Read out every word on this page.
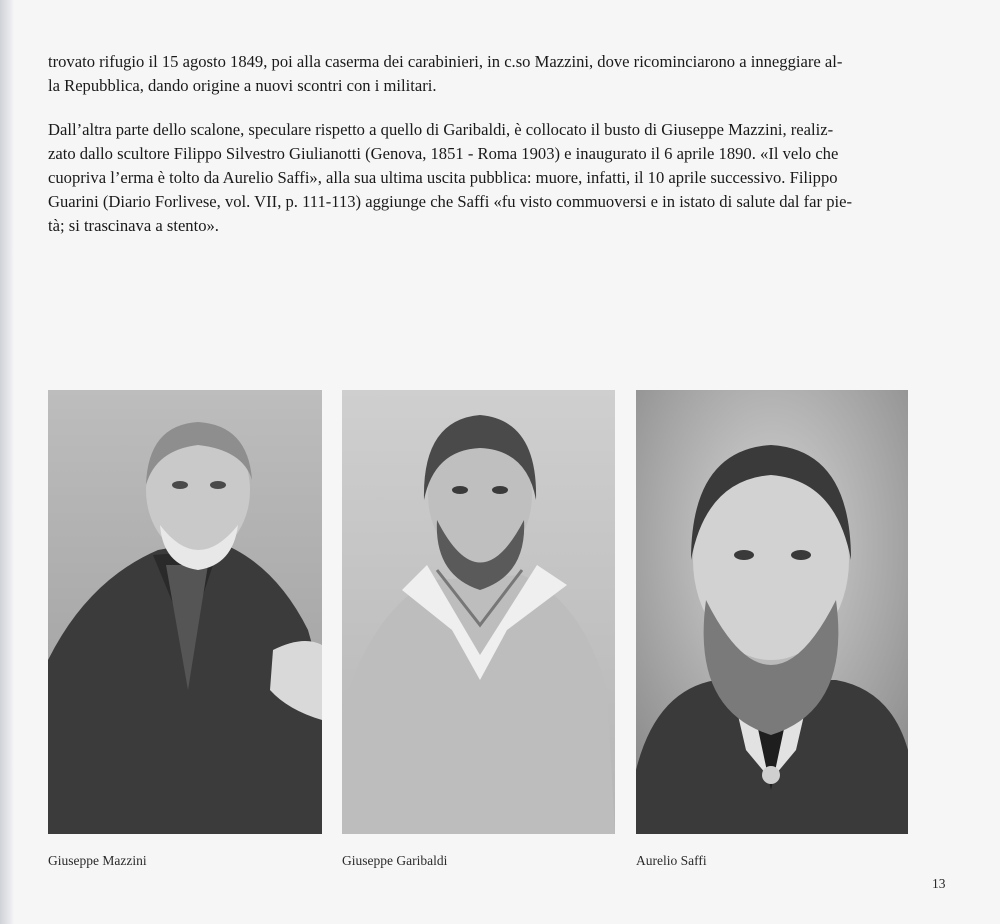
trovato rifugio il 15 agosto 1849, poi alla caserma dei carabinieri, in c.so Mazzini, dove ricominciarono a inneggiare al-
la Repubblica, dando origine a nuovi scontri con i militari.

Dall’altra parte dello scalone, speculare rispetto a quello di Garibaldi, è collocato il busto di Giuseppe Mazzini, realiz-
zato dallo scultore Filippo Silvestro Giulianotti (Genova, 1851 - Roma 1903) e inaugurato il 6 aprile 1890. «Il velo che
cuopriva l’erma è tolto da Aurelio Saffi», alla sua ultima uscita pubblica: muore, infatti, il 10 aprile successivo. Filippo
Guarini (Diario Forlivese, vol. VII, p. 111-113) aggiunge che Saffi «fu visto commuoversi e in istato di salute dal far pie-
tà; si trascinava a stento».

Giuseppe Mazzini	Giuseppe Garibaldi	Aurelio Saffi
13
